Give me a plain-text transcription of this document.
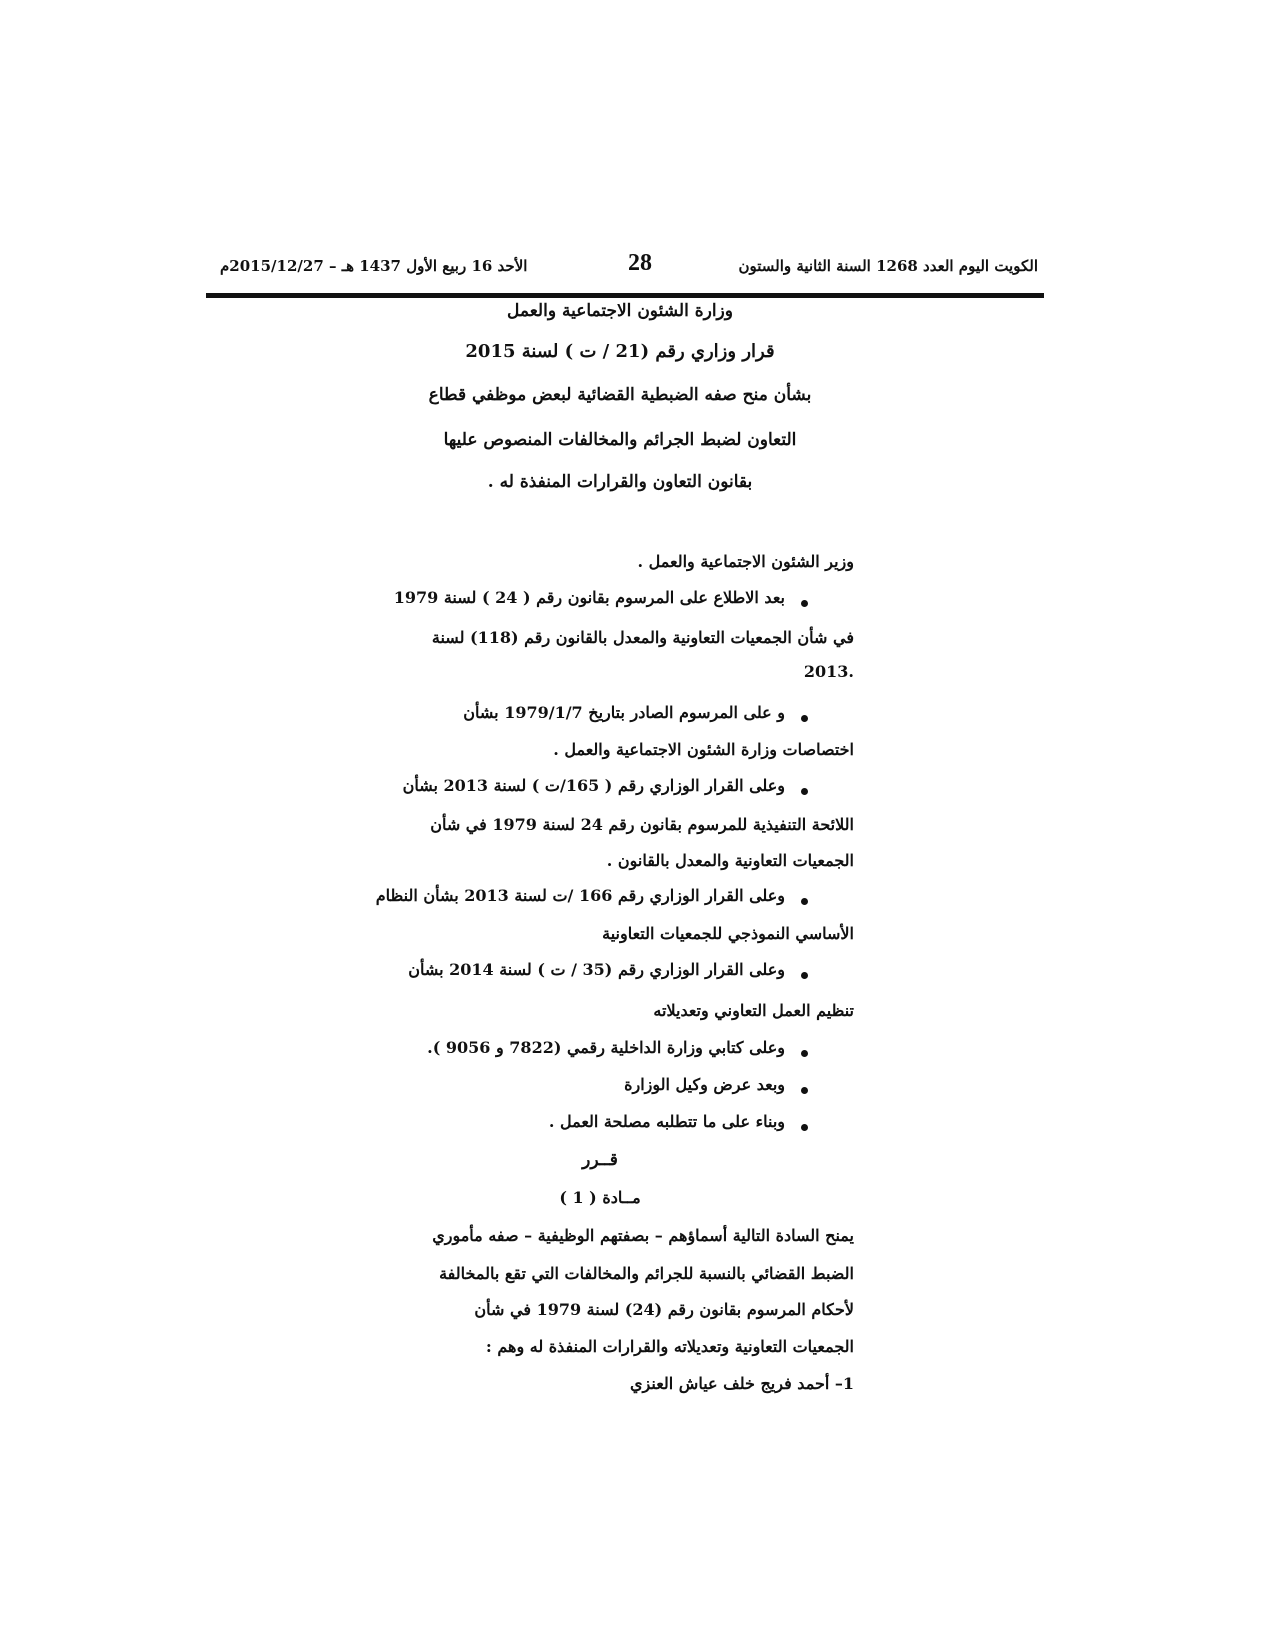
الكويت اليوم العدد 1268 السنة الثانية والستون
28
الأحد 16 ربيع الأول 1437 هـ – 2015/12/27م
وزارة الشئون الاجتماعية والعمل
قرار وزاري رقم (21 / ت ) لسنة 2015
بشأن منح صفه الضبطية القضائية لبعض موظفي قطاع
التعاون لضبط الجرائم والمخالفات المنصوص عليها
بقانون التعاون والقرارات المنفذة له .
وزير الشئون الاجتماعية والعمل .
بعد الاطلاع على المرسوم بقانون رقم ( 24 ) لسنة 1979
في شأن الجمعيات التعاونية والمعدل بالقانون رقم (118) لسنة
.2013
و على المرسوم الصادر بتاريخ 1979/1/7 بشأن
اختصاصات وزارة الشئون الاجتماعية والعمل .
وعلى القرار الوزاري رقم ( 165/ت ) لسنة 2013 بشأن
اللائحة التنفيذية للمرسوم بقانون رقم 24 لسنة 1979 في شأن
الجمعيات التعاونية والمعدل بالقانون .
وعلى القرار الوزاري رقم 166 /ت لسنة 2013 بشأن النظام
الأساسي النموذجي للجمعيات التعاونية
وعلى القرار الوزاري رقم (35 / ت ) لسنة 2014 بشأن
تنظيم العمل التعاوني وتعديلاته
وعلى كتابي وزارة الداخلية رقمي (7822 و 9056 ).
وبعد عرض وكيل الوزارة
وبناء على ما تتطلبه مصلحة العمل .
قــرر
مــادة ( 1 )
يمنح السادة التالية أسماؤهم – بصفتهم الوظيفية – صفه مأموري
الضبط القضائي بالنسبة للجرائم والمخالفات التي تقع بالمخالفة
لأحكام المرسوم بقانون رقم (24) لسنة 1979 في شأن
الجمعيات التعاونية وتعديلاته والقرارات المنفذة له وهم :
1– أحمد فريج خلف عياش العنزي
